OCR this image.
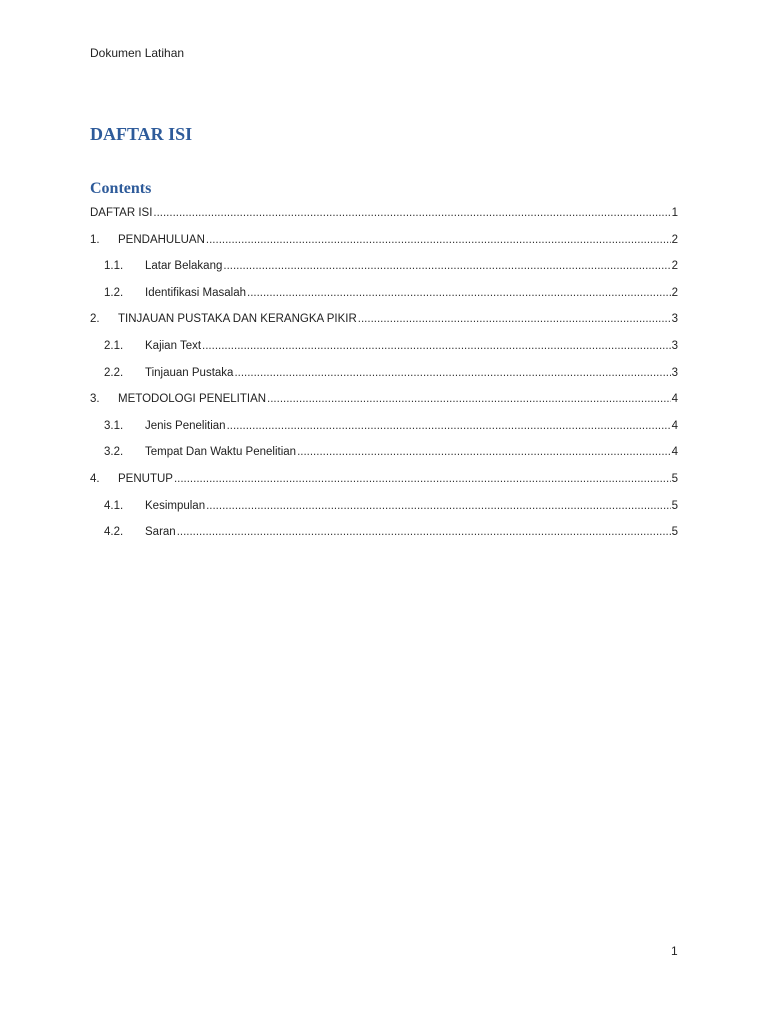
Dokumen Latihan
DAFTAR ISI
Contents
DAFTAR ISI .....	1
1.	PENDAHULUAN .....	2
1.1.	Latar Belakang .....	2
1.2.	Identifikasi Masalah .....	2
2.	TINJAUAN PUSTAKA DAN KERANGKA PIKIR .....	3
2.1.	Kajian Text .....	3
2.2.	Tinjauan Pustaka .....	3
3.	METODOLOGI PENELITIAN .....	4
3.1.	Jenis Penelitian .....	4
3.2.	Tempat Dan Waktu Penelitian .....	4
4.	PENUTUP .....	5
4.1.	Kesimpulan .....	5
4.2.	Saran .....	5
1
